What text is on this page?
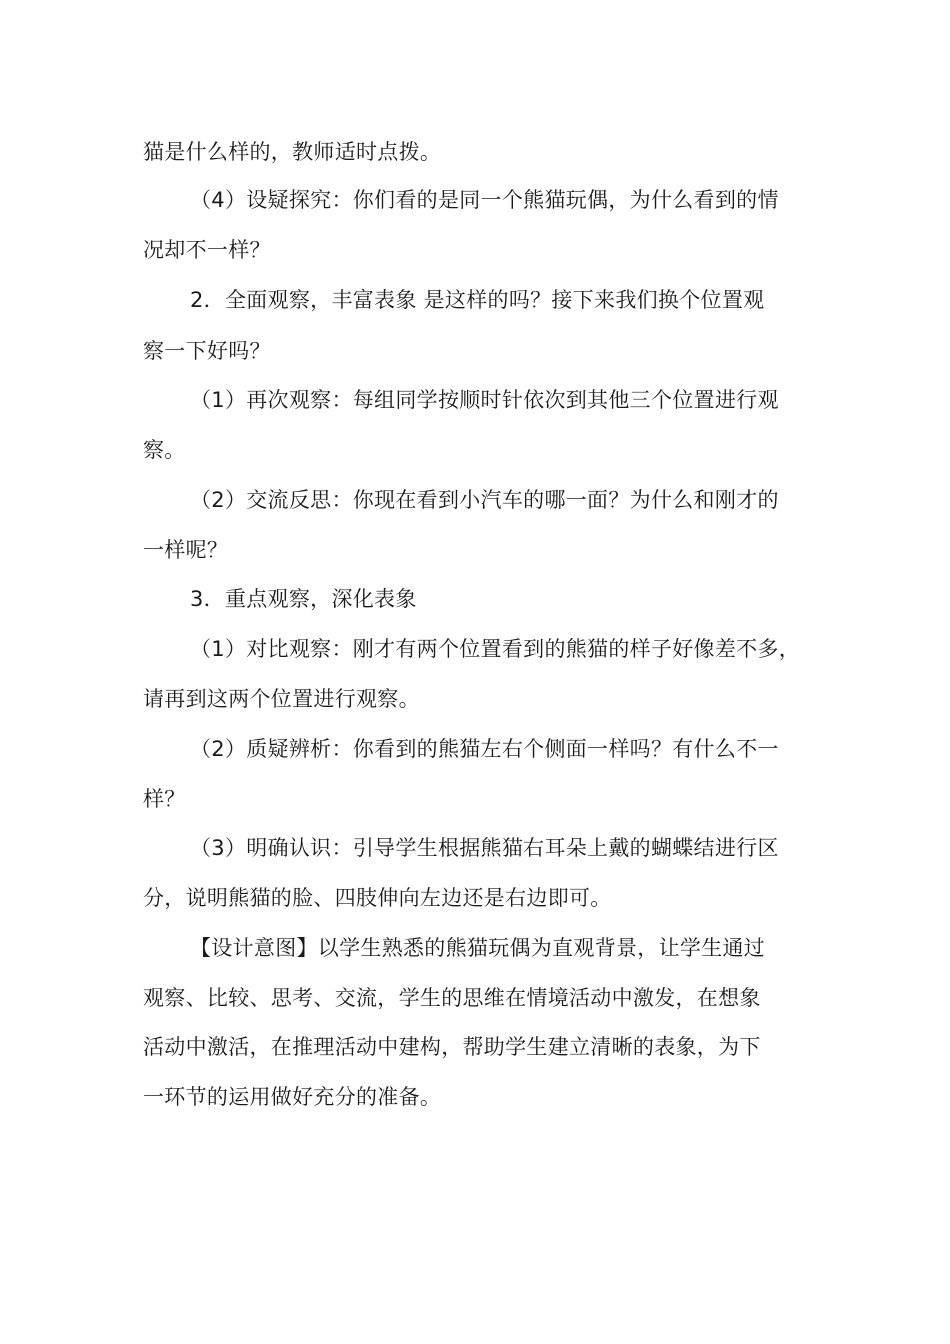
猫是什么样的，教师适时点拨。
（4）设疑探究：你们看的是同一个熊猫玩偶，为什么看到的情
况却不一样？
2．全面观察，丰富表象 是这样的吗？接下来我们换个位置观
察一下好吗？
（1）再次观察：每组同学按顺时针依次到其他三个位置进行观
察。
（2）交流反思：你现在看到小汽车的哪一面？为什么和刚才的
一样呢？
3．重点观察，深化表象
（1）对比观察：刚才有两个位置看到的熊猫的样子好像差不多，
请再到这两个位置进行观察。
（2）质疑辨析：你看到的熊猫左右个侧面一样吗？有什么不一
样？
（3）明确认识：引导学生根据熊猫右耳朵上戴的蝴蝶结进行区
分，说明熊猫的脸、四肢伸向左边还是右边即可。
【设计意图】以学生熟悉的熊猫玩偶为直观背景，让学生通过
观察、比较、思考、交流，学生的思维在情境活动中激发，在想象
活动中激活，在推理活动中建构，帮助学生建立清晰的表象，为下
一环节的运用做好充分的准备。
